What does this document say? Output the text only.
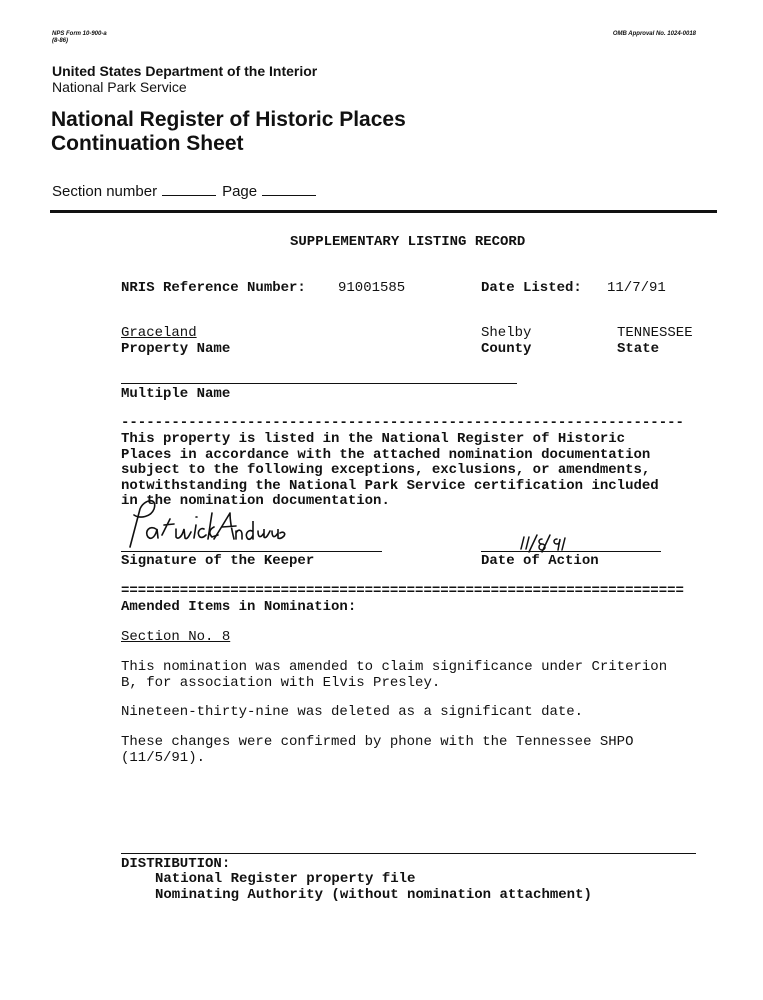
NPS Form 10-900-a
(8-86)
OMB Approval No. 1024-0018
United States Department of the Interior
National Park Service
National Register of Historic Places
Continuation Sheet
Section number	Page
SUPPLEMENTARY LISTING RECORD
NRIS Reference Number: 91001585	Date Listed: 11/7/91
Graceland
Property Name
Shelby
County
TENNESSEE
State
Multiple Name
-------------------------------------------------------------------
This property is listed in the National Register of Historic
Places in accordance with the attached nomination documentation
subject to the following exceptions, exclusions, or amendments,
notwithstanding the National Park Service certification included
in the nomination documentation.
Signature of the Keeper	Date of Action
===================================================================
Amended Items in Nomination:
Section No. 8
This nomination was amended to claim significance under Criterion
B, for association with Elvis Presley.
Nineteen-thirty-nine was deleted as a significant date.
These changes were confirmed by phone with the Tennessee SHPO
(11/5/91).
DISTRIBUTION:
National Register property file
Nominating Authority (without nomination attachment)
